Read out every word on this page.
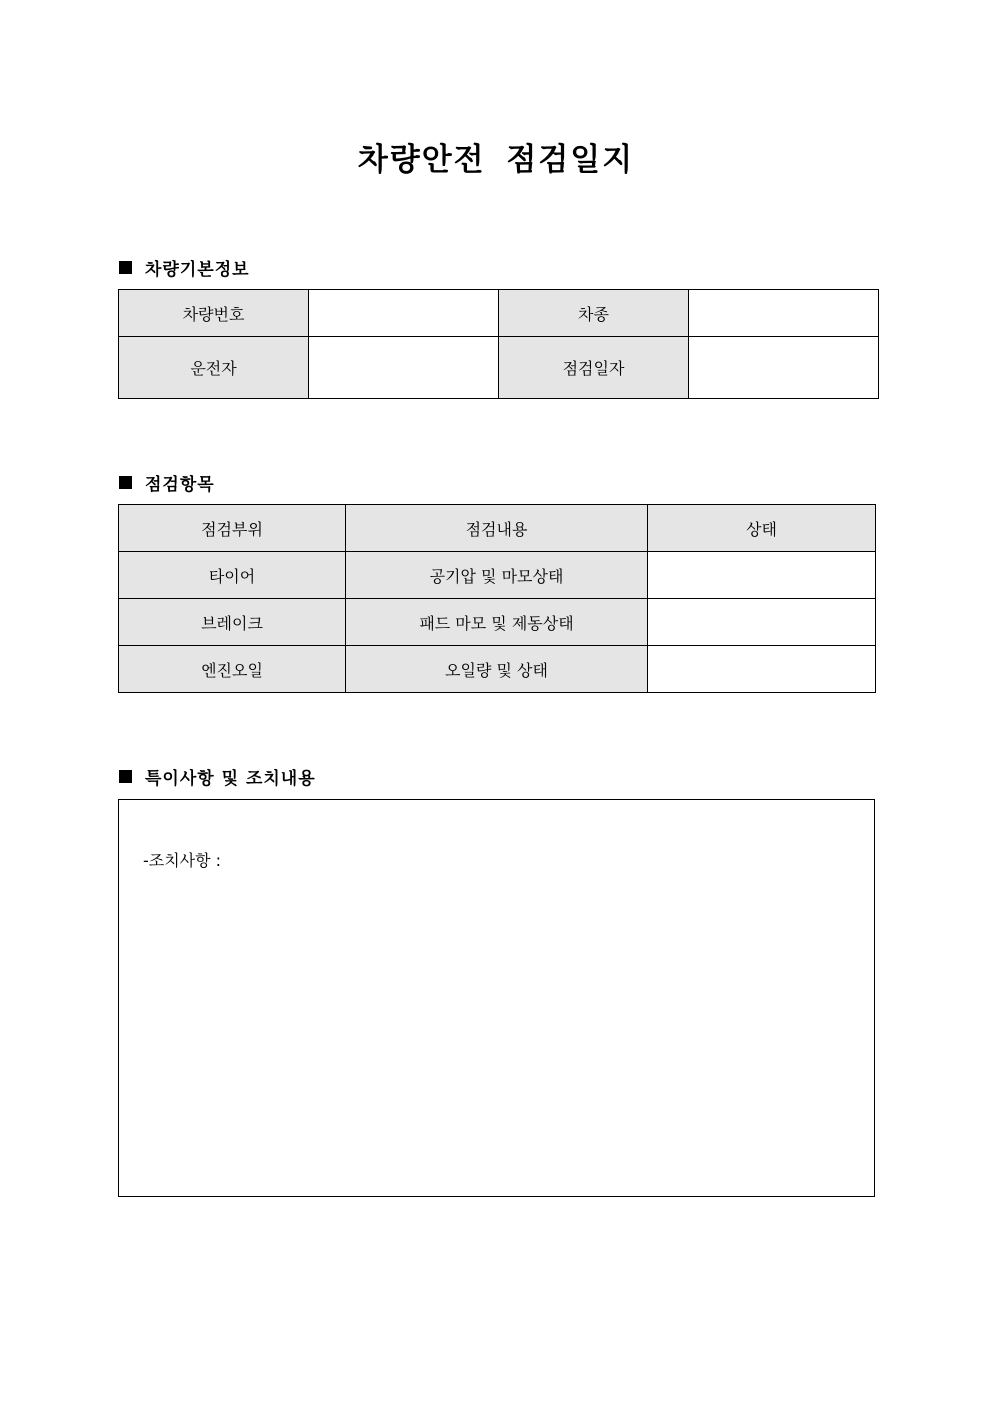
차량안전 점검일지
차량기본정보
차량번호		차종	
운전자		점검일자	
점검항목
점검부위	점검내용	상태
타이어	공기압 및 마모상태	
브레이크	패드 마모 및 제동상태	
엔진오일	오일량 및 상태	
특이사항 및 조치내용
-조치사항 :
